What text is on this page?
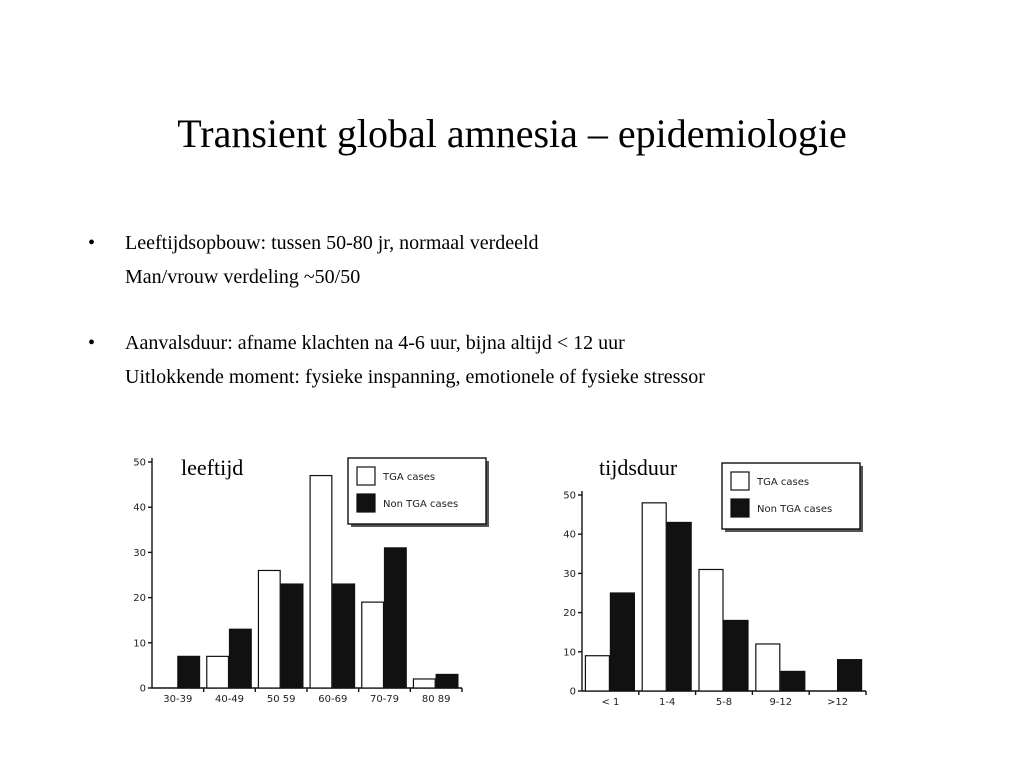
Transient global amnesia – epidemiologie
• Leeftijdsopbouw: tussen 50-80 jr, normaal verdeeld
Man/vrouw verdeling ~50/50
• Aanvalsduur: afname klachten na 4-6 uur, bijna altijd < 12 uur
Uitlokkende moment: fysieke inspanning, emotionele of fysieke stressor
leeftijd	tijdsduur
0
10
20
30
40
50
30-39 40-49 50 59 60-69 70-79 80 89
TGA cases
Non TGA cases
0
10
20
30
40
50
< 1	1-4	5-8	9-12	>12
TGA cases
Non TGA cases
